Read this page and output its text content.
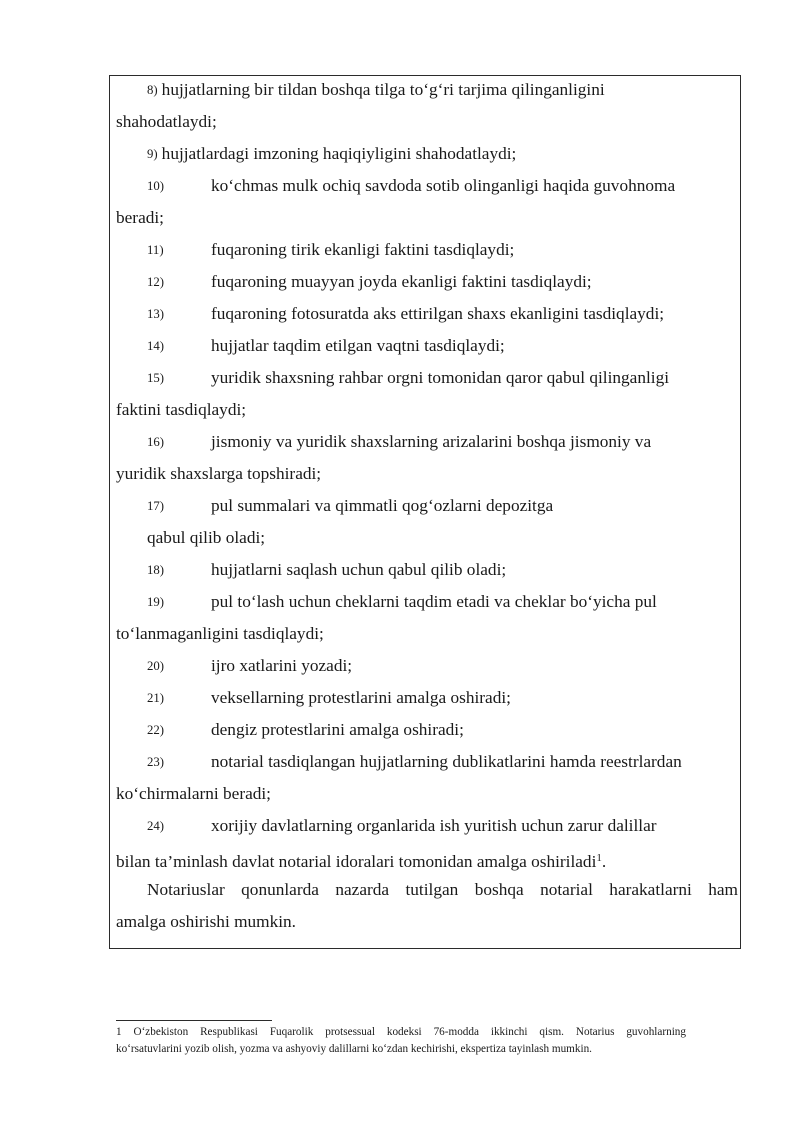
8) hujjatlarning bir tildan boshqa tilga to‘g‘ri tarjima qilinganligini
shahodatlaydi;
9) hujjatlardagi imzoning haqiqiyligini shahodatlaydi;
10)	ko‘chmas mulk ochiq savdoda sotib olinganligi haqida guvohnoma
beradi;
11)	fuqaroning tirik ekanligi faktini tasdiqlaydi;
12)	fuqaroning muayyan joyda ekanligi faktini tasdiqlaydi;
13)	fuqaroning fotosuratda aks ettirilgan shaxs ekanligini tasdiqlaydi;
14)	hujjatlar taqdim etilgan vaqtni tasdiqlaydi;
15)	yuridik shaxsning rahbar orgni tomonidan qaror qabul qilinganligi
faktini tasdiqlaydi;
16)	jismoniy va yuridik shaxslarning arizalarini boshqa jismoniy va
yuridik shaxslarga topshiradi;
17)	pul summalari va qimmatli qog‘ozlarni depozitga
qabul qilib oladi;
18)	hujjatlarni saqlash uchun qabul qilib oladi;
19)	pul to‘lash uchun cheklarni taqdim etadi va cheklar bo‘yicha pul
to‘lanmaganligini tasdiqlaydi;
20)	ijro xatlarini yozadi;
21)	veksellarning protestlarini amalga oshiradi;
22)	dengiz protestlarini amalga oshiradi;
23)	notarial tasdiqlangan hujjatlarning dublikatlarini hamda reestrlardan
ko‘chirmalarni beradi;
24)	xorijiy davlatlarning organlarida ish yuritish uchun zarur dalillar
bilan ta’minlash davlat notarial idoralari tomonidan amalga oshiriladi$^1$.
Notariuslar qonunlarda nazarda tutilgan boshqa notarial harakatlarni ham
amalga oshirishi mumkin.
1 O‘zbekiston Respublikasi Fuqarolik protsessual kodeksi 76-modda ikkinchi qism. Notarius guvohlarning
ko‘rsatuvlarini yozib olish, yozma va ashyoviy dalillarni ko‘zdan kechirishi, ekspertiza tayinlash mumkin.
